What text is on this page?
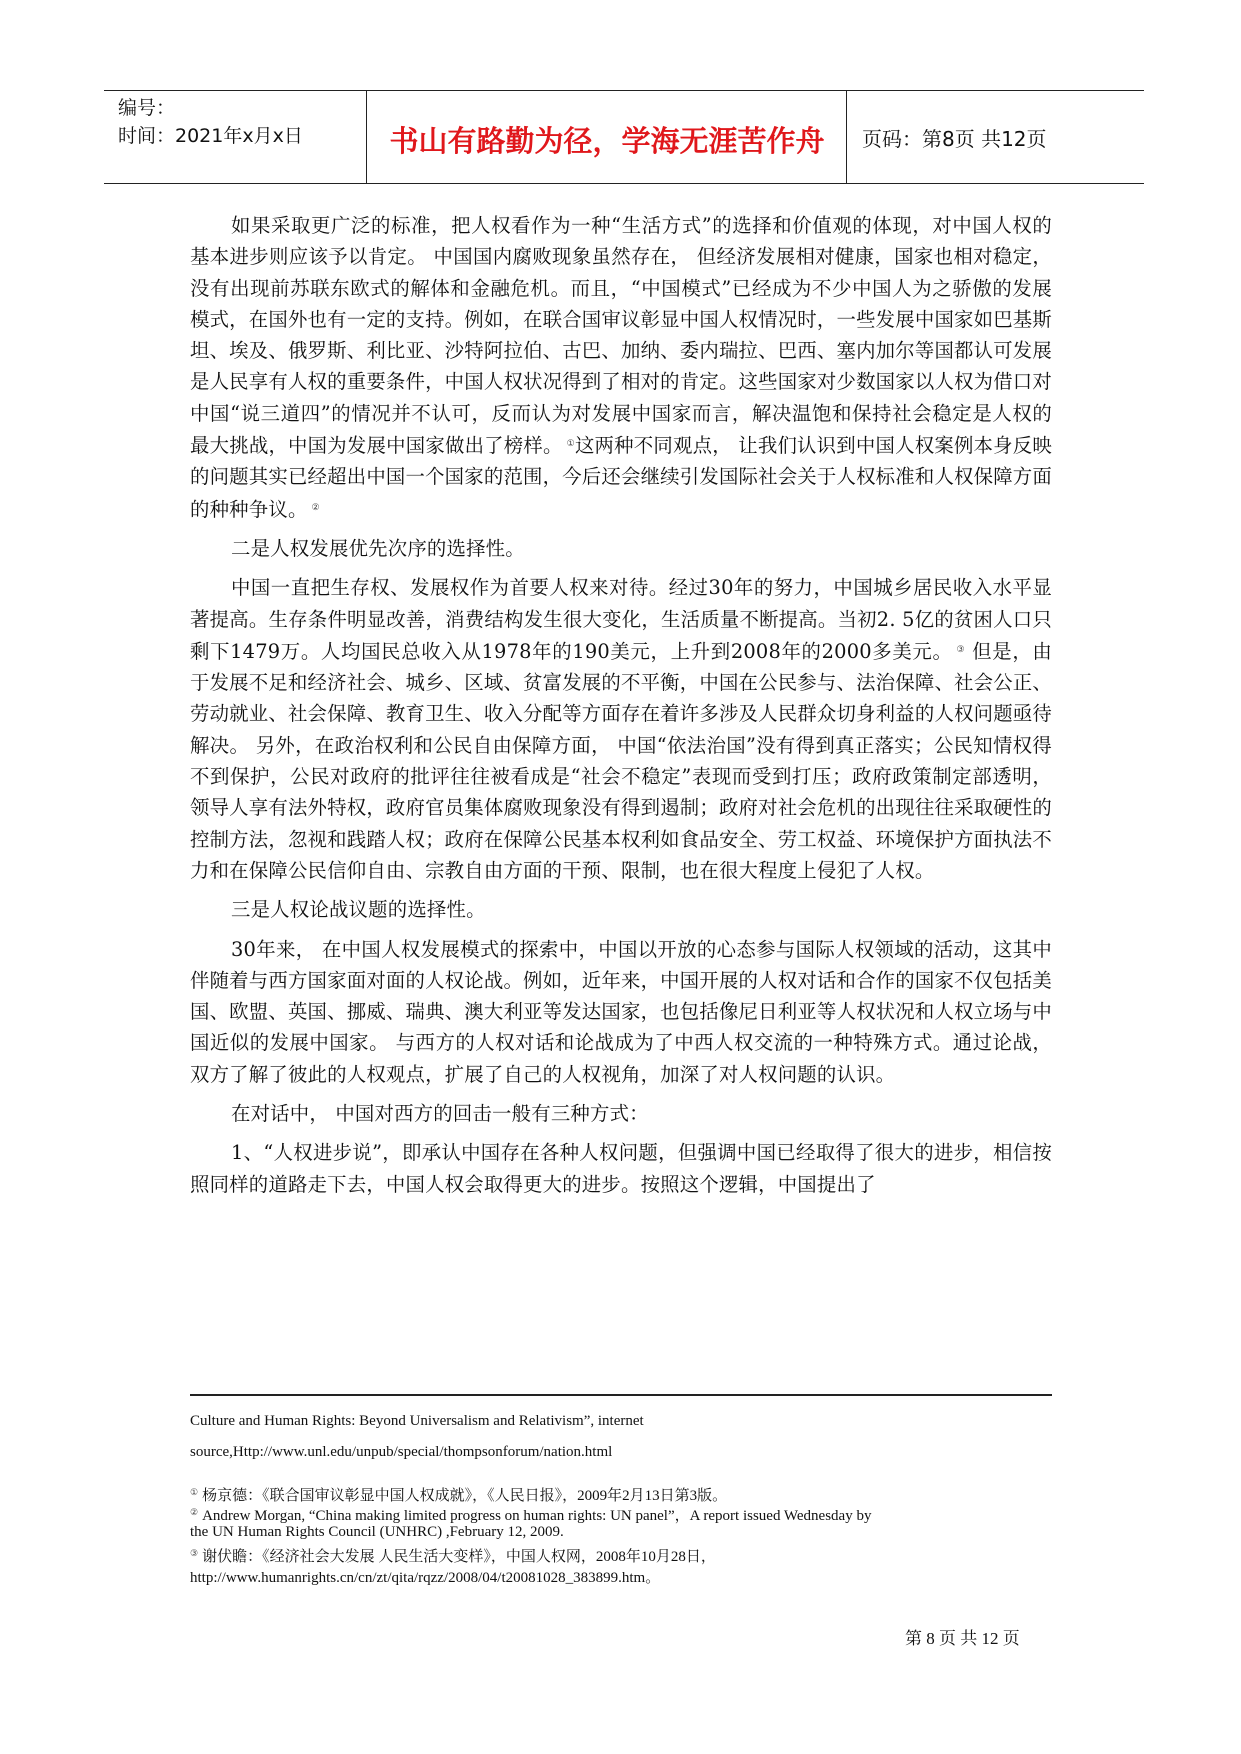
编号：
时间：2021年x月x日	书山有路勤为径，学海无涯苦作舟	页码：第8页 共12页

如果采取更广泛的标准，把人权看作为一种“生活方式”的选择和价值观的体现，对中国人权的基本进步则应该予以肯定。 中国国内腐败现象虽然存在， 但经济发展相对健康，国家也相对稳定，没有出现前苏联东欧式的解体和金融危机。而且，“中国模式”已经成为不少中国人为之骄傲的发展模式，在国外也有一定的支持。例如，在联合国审议彰显中国人权情况时，一些发展中国家如巴基斯坦、埃及、俄罗斯、利比亚、沙特阿拉伯、古巴、加纳、委内瑞拉、巴西、塞内加尔等国都认可发展是人民享有人权的重要条件，中国人权状况得到了相对的肯定。这些国家对少数国家以人权为借口对中国“说三道四”的情况并不认可，反而认为对发展中国家而言，解决温饱和保持社会稳定是人权的最大挑战，中国为发展中国家做出了榜样。 ①这两种不同观点， 让我们认识到中国人权案例本身反映的问题其实已经超出中国一个国家的范围，今后还会继续引发国际社会关于人权标准和人权保障方面的种种争议。 ②

二是人权发展优先次序的选择性。

中国一直把生存权、发展权作为首要人权来对待。经过30年的努力，中国城乡居民收入水平显著提高。生存条件明显改善，消费结构发生很大变化，生活质量不断提高。当初2. 5亿的贫困人口只剩下1479万。人均国民总收入从1978年的190美元，上升到2008年的2000多美元。 ③ 但是，由于发展不足和经济社会、城乡、区域、贫富发展的不平衡，中国在公民参与、法治保障、社会公正、劳动就业、社会保障、教育卫生、收入分配等方面存在着许多涉及人民群众切身利益的人权问题亟待解决。 另外，在政治权利和公民自由保障方面， 中国“依法治国”没有得到真正落实；公民知情权得不到保护，公民对政府的批评往往被看成是“社会不稳定”表现而受到打压；政府政策制定部透明，领导人享有法外特权，政府官员集体腐败现象没有得到遏制；政府对社会危机的出现往往采取硬性的控制方法，忽视和践踏人权；政府在保障公民基本权利如食品安全、劳工权益、环境保护方面执法不力和在保障公民信仰自由、宗教自由方面的干预、限制，也在很大程度上侵犯了人权。

三是人权论战议题的选择性。

30年来， 在中国人权发展模式的探索中，中国以开放的心态参与国际人权领域的活动，这其中伴随着与西方国家面对面的人权论战。例如，近年来，中国开展的人权对话和合作的国家不仅包括美国、欧盟、英国、挪威、瑞典、澳大利亚等发达国家，也包括像尼日利亚等人权状况和人权立场与中国近似的发展中国家。 与西方的人权对话和论战成为了中西人权交流的一种特殊方式。通过论战，双方了解了彼此的人权观点，扩展了自己的人权视角，加深了对人权问题的认识。

在对话中， 中国对西方的回击一般有三种方式：

1、“人权进步说”，即承认中国存在各种人权问题，但强调中国已经取得了很大的进步，相信按照同样的道路走下去，中国人权会取得更大的进步。按照这个逻辑，中国提出了

Culture and Human Rights: Beyond Universalism and Relativism”, internet
source,Http://www.unl.edu/unpub/special/thompsonforum/nation.html
① 杨京德：《联合国审议彰显中国人权成就》，《人民日报》，2009年2月13日第3版。
② Andrew Morgan, “China making limited progress on human rights: UN panel”，A report issued Wednesday by
the UN Human Rights Council (UNHRC) ,February 12, 2009.
③ 谢伏瞻：《经济社会大发展 人民生活大变样》，中国人权网，2008年10月28日，
http://www.humanrights.cn/cn/zt/qita/rqzz/2008/04/t20081028_383899.htm。
第 8 页 共 12 页
